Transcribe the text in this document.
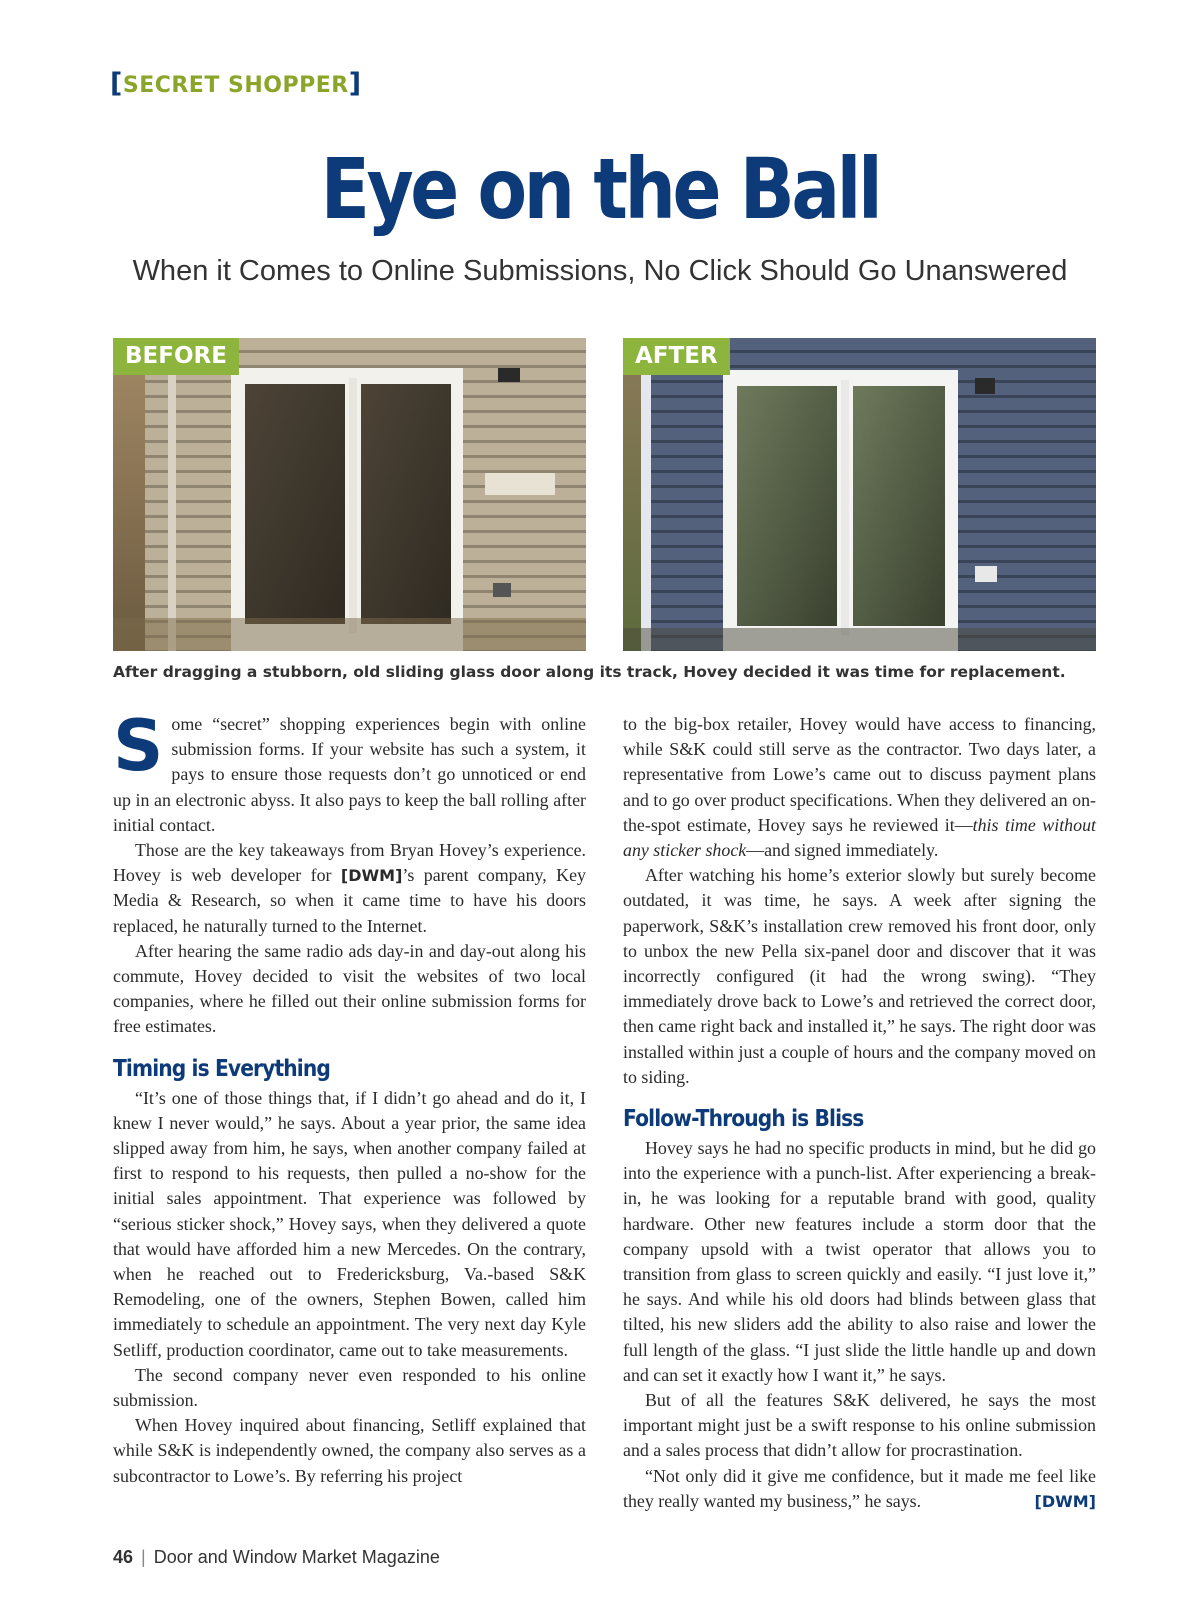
[SECRET SHOPPER]
Eye on the Ball
When it Comes to Online Submissions, No Click Should Go Unanswered
BEFORE	AFTER
After dragging a stubborn, old sliding glass door along its track, Hovey decided it was time for replacement.

Some “secret” shopping experiences begin with online submission forms. If your website has such a system, it pays to ensure those requests don’t go unnoticed or end up in an electronic abyss. It also pays to keep the ball rolling after initial contact.

Those are the key takeaways from Bryan Hovey’s experience. Hovey is web developer for [DWM]’s parent company, Key Media & Research, so when it came time to have his doors replaced, he naturally turned to the Internet.

After hearing the same radio ads day-in and day-out along his commute, Hovey decided to visit the websites of two local companies, where he filled out their online submission forms for free estimates.

Timing is Everything

“It’s one of those things that, if I didn’t go ahead and do it, I knew I never would,” he says. About a year prior, the same idea slipped away from him, he says, when another company failed at first to respond to his requests, then pulled a no-show for the initial sales appointment. That experience was followed by “serious sticker shock,” Hovey says, when they delivered a quote that would have afforded him a new Mercedes. On the contrary, when he reached out to Fredericksburg, Va.-based S&K Remodeling, one of the owners, Stephen Bowen, called him immediately to schedule an appointment. The very next day Kyle Setliff, production coordinator, came out to take measurements.

The second company never even responded to his online submission.

When Hovey inquired about financing, Setliff explained that while S&K is independently owned, the company also serves as a subcontractor to Lowe’s. By referring his project

to the big-box retailer, Hovey would have access to financing, while S&K could still serve as the contractor. Two days later, a representative from Lowe’s came out to discuss payment plans and to go over product specifications. When they delivered an on-the-spot estimate, Hovey says he reviewed it—this time without any sticker shock—and signed immediately.

After watching his home’s exterior slowly but surely become outdated, it was time, he says. A week after signing the paperwork, S&K’s installation crew removed his front door, only to unbox the new Pella six-panel door and discover that it was incorrectly configured (it had the wrong swing). “They immediately drove back to Lowe’s and retrieved the correct door, then came right back and installed it,” he says. The right door was installed within just a couple of hours and the company moved on to siding.

Follow-Through is Bliss

Hovey says he had no specific products in mind, but he did go into the experience with a punch-list. After experiencing a break-in, he was looking for a reputable brand with good, quality hardware. Other new features include a storm door that the company upsold with a twist operator that allows you to transition from glass to screen quickly and easily. “I just love it,” he says. And while his old doors had blinds between glass that tilted, his new sliders add the ability to also raise and lower the full length of the glass. “I just slide the little handle up and down and can set it exactly how I want it,” he says.

But of all the features S&K delivered, he says the most important might just be a swift response to his online submission and a sales process that didn’t allow for procrastination.

“Not only did it give me confidence, but it made me feel like they really wanted my business,” he says.	[DWM]

46 | Door and Window Market Magazine
